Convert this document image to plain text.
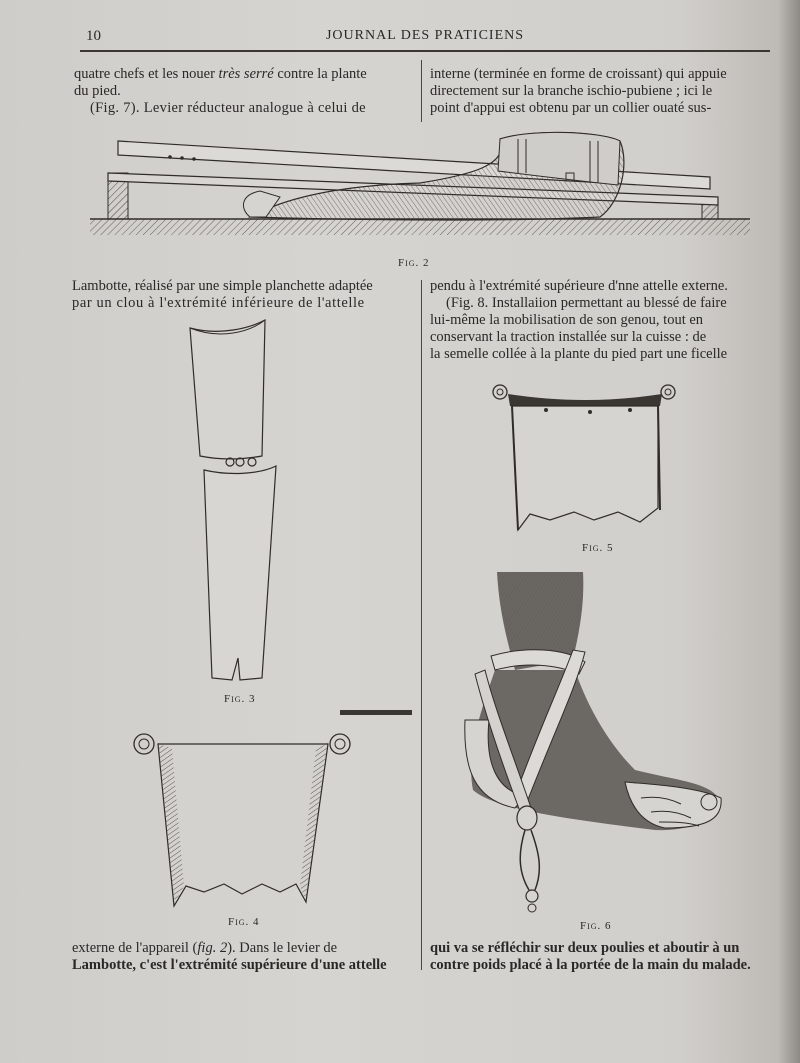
10	JOURNAL DES PRATICIENS
quatre chefs et les nouer très serré contre la plante
du pied.
(Fig. 7). Levier réducteur analogue à celui de
interne (terminée en forme de croissant) qui appuie
directement sur la branche ischio-pubiene ; ici le
point d'appui est obtenu par un collier ouaté sus-
Fig. 2
Lambotte, réalisé par une simple planchette adaptée
par un clou à l'extrémité inférieure de l'attelle
pendu à l'extrémité supérieure d'nne attelle externe.
(Fig. 8. Installaiion permettant au blessé de faire
lui-même la mobilisation de son genou, tout en
conservant la traction installée sur la cuisse : de
la semelle collée à la plante du pied part une ficelle
Fig. 3
Fig. 4
Fig. 5
Fig. 6
externe de l'appareil (fig. 2). Dans le levier de
Lambotte, c'est l'extrémité supérieure d'une attelle
qui va se réfléchir sur deux poulies et aboutir à un
contre poids placé à la portée de la main du malade.
